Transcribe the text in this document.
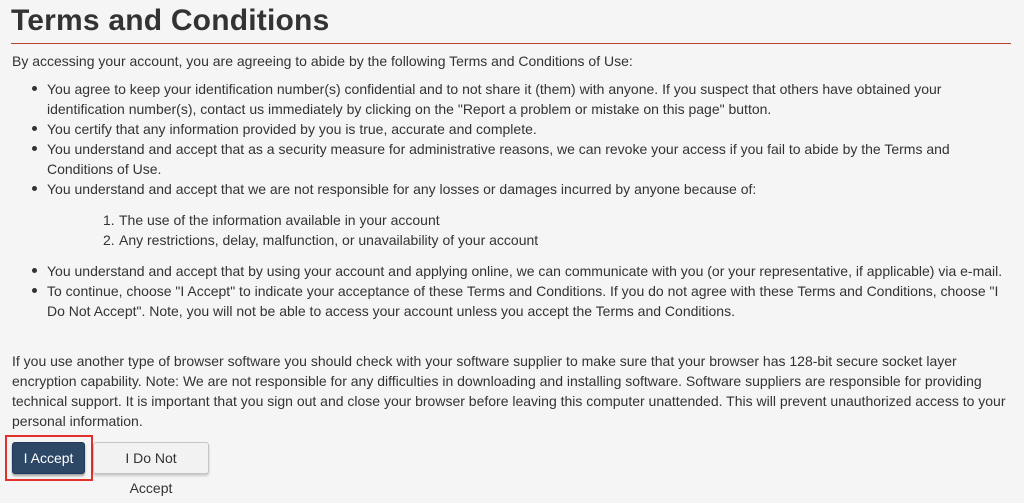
Terms and Conditions

By accessing your account, you are agreeing to abide by the following Terms and Conditions of Use:

You agree to keep your identification number(s) confidential and to not share it (them) with anyone. If you suspect that others have obtained your identification number(s), contact us immediately by clicking on the "Report a problem or mistake on this page" button.
You certify that any information provided by you is true, accurate and complete.
You understand and accept that as a security measure for administrative reasons, we can revoke your access if you fail to abide by the Terms and Conditions of Use.
You understand and accept that we are not responsible for any losses or damages incurred by anyone because of:
1. The use of the information available in your account
2. Any restrictions, delay, malfunction, or unavailability of your account
You understand and accept that by using your account and applying online, we can communicate with you (or your representative, if applicable) via e-mail.
To continue, choose "I Accept" to indicate your acceptance of these Terms and Conditions. If you do not agree with these Terms and Conditions, choose "I Do Not Accept". Note, you will not be able to access your account unless you accept the Terms and Conditions.

If you use another type of browser software you should check with your software supplier to make sure that your browser has 128-bit secure socket layer encryption capability. Note: We are not responsible for any difficulties in downloading and installing software. Software suppliers are responsible for providing technical support. It is important that you sign out and close your browser before leaving this computer unattended. This will prevent unauthorized access to your personal information.

I Accept	I Do Not Accept
